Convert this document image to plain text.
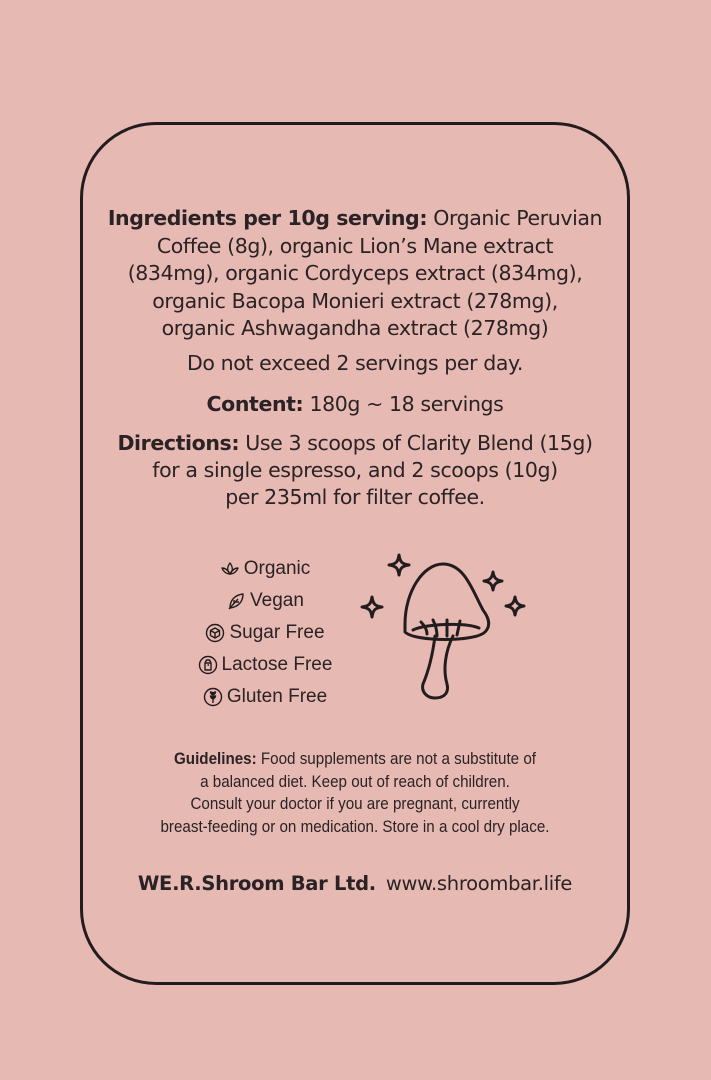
Ingredients per 10g serving: Organic Peruvian
Coffee (8g), organic Lion’s Mane extract
(834mg), organic Cordyceps extract (834mg),
organic Bacopa Monieri extract (278mg),
organic Ashwagandha extract (278mg)
Do not exceed 2 servings per day.
Content: 180g ~ 18 servings
Directions: Use 3 scoops of Clarity Blend (15g)
for a single espresso, and 2 scoops (10g)
per 235ml for filter coffee.
Organic
Vegan
Sugar Free
Lactose Free
Gluten Free
Guidelines: Food supplements are not a substitute of
a balanced diet. Keep out of reach of children.
Consult your doctor if you are pregnant, currently
breast-feeding or on medication. Store in a cool dry place.
WE.R.Shroom Bar Ltd. www.shroombar.life
